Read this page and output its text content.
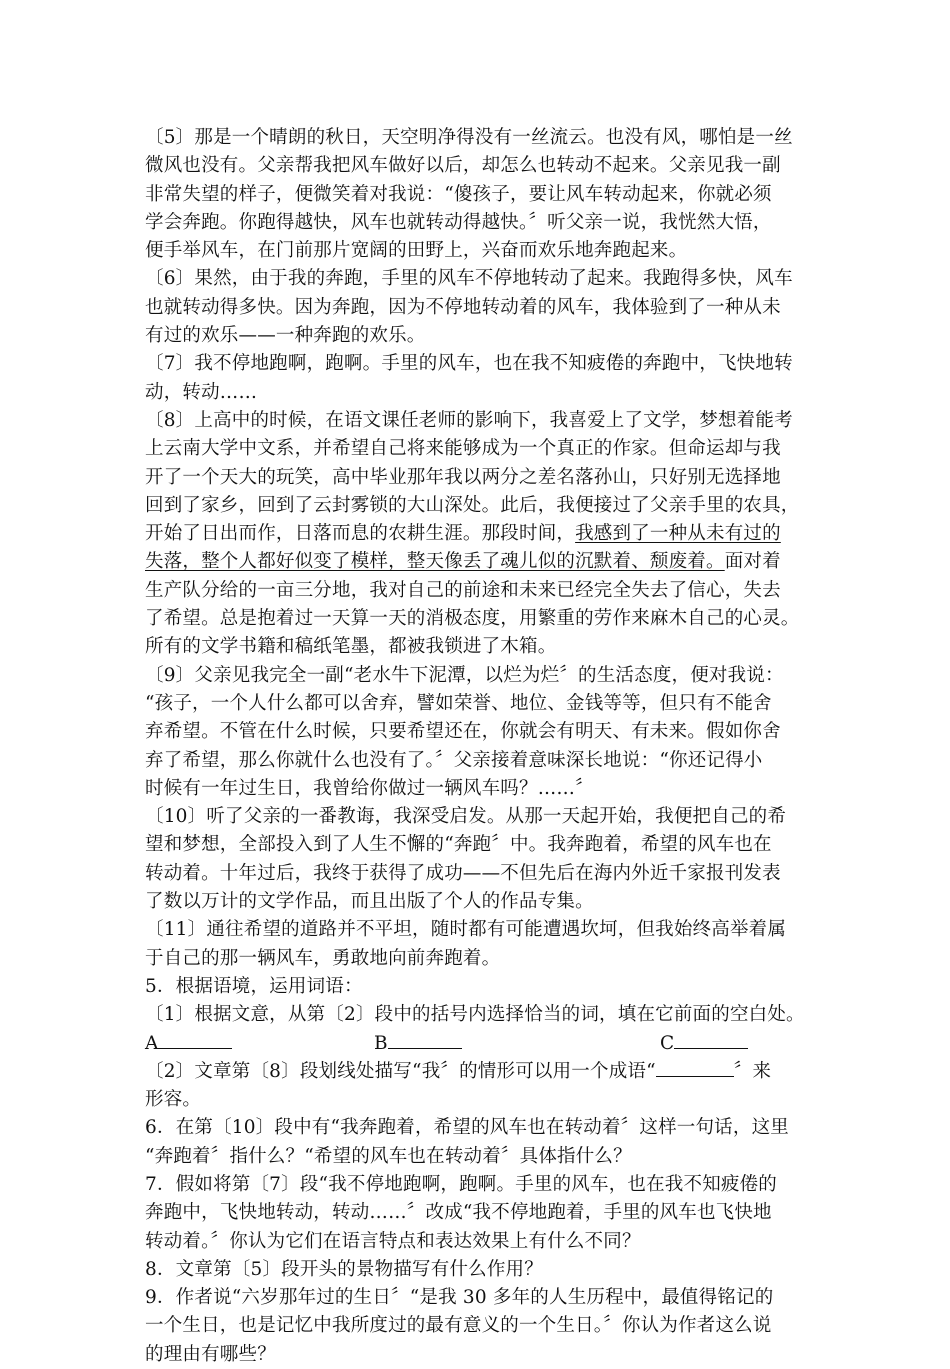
〔5〕那是一个晴朗的秋日，天空明净得没有一丝流云。也没有风，哪怕是一丝
微风也没有。父亲帮我把风车做好以后，却怎么也转动不起来。父亲见我一副
非常失望的样子，便微笑着对我说：“傻孩子，要让风车转动起来，你就必须
学会奔跑。你跑得越快，风车也就转动得越快。〞听父亲一说，我恍然大悟，
便手举风车，在门前那片宽阔的田野上，兴奋而欢乐地奔跑起来。
〔6〕果然，由于我的奔跑，手里的风车不停地转动了起来。我跑得多快，风车
也就转动得多快。因为奔跑，因为不停地转动着的风车，我体验到了一种从未
有过的欢乐——一种奔跑的欢乐。
〔7〕我不停地跑啊，跑啊。手里的风车，也在我不知疲倦的奔跑中，飞快地转
动，转动……
〔8〕上高中的时候，在语文课任老师的影响下，我喜爱上了文学，梦想着能考
上云南大学中文系，并希望自己将来能够成为一个真正的作家。但命运却与我
开了一个天大的玩笑，高中毕业那年我以两分之差名落孙山，只好别无选择地
回到了家乡，回到了云封雾锁的大山深处。此后，我便接过了父亲手里的农具，
开始了日出而作，日落而息的农耕生涯。那段时间，我感到了一种从未有过的
失落，整个人都好似变了模样，整天像丢了魂儿似的沉默着、颓废着。面对着
生产队分给的一亩三分地，我对自己的前途和未来已经完全失去了信心，失去
了希望。总是抱着过一天算一天的消极态度，用繁重的劳作来麻木自己的心灵。
所有的文学书籍和稿纸笔墨，都被我锁进了木箱。
〔9〕父亲见我完全一副“老水牛下泥潭，以烂为烂〞的生活态度，便对我说：
“孩子，一个人什么都可以舍弃，譬如荣誉、地位、金钱等等，但只有不能舍
弃希望。不管在什么时候，只要希望还在，你就会有明天、有未来。假如你舍
弃了希望，那么你就什么也没有了。〞父亲接着意味深长地说：“你还记得小
时候有一年过生日，我曾给你做过一辆风车吗？……〞
〔10〕听了父亲的一番教诲，我深受启发。从那一天起开始，我便把自己的希
望和梦想，全部投入到了人生不懈的“奔跑〞中。我奔跑着，希望的风车也在
转动着。十年过后，我终于获得了成功——不但先后在海内外近千家报刊发表
了数以万计的文学作品，而且出版了个人的作品专集。
〔11〕通往希望的道路并不平坦，随时都有可能遭遇坎坷，但我始终高举着属
于自己的那一辆风车，勇敢地向前奔跑着。
5．根据语境，运用词语：
〔1〕根据文意，从第〔2〕段中的括号内选择恰当的词，填在它前面的空白处。
A	B	C
〔2〕文章第〔8〕段划线处描写“我〞的情形可以用一个成语“	〞来
形容。
6．在第〔10〕段中有“我奔跑着，希望的风车也在转动着〞这样一句话，这里
“奔跑着〞指什么？“希望的风车也在转动着〞具体指什么？
7．假如将第〔7〕段“我不停地跑啊，跑啊。手里的风车，也在我不知疲倦的
奔跑中，飞快地转动，转动……〞改成“我不停地跑着，手里的风车也飞快地
转动着。〞你认为它们在语言特点和表达效果上有什么不同？
8．文章第〔5〕段开头的景物描写有什么作用？
9．作者说“六岁那年过的生日〞“是我 30 多年的人生历程中，最值得铭记的
一个生日，也是记忆中我所度过的最有意义的一个生日。〞你认为作者这么说
的理由有哪些？
